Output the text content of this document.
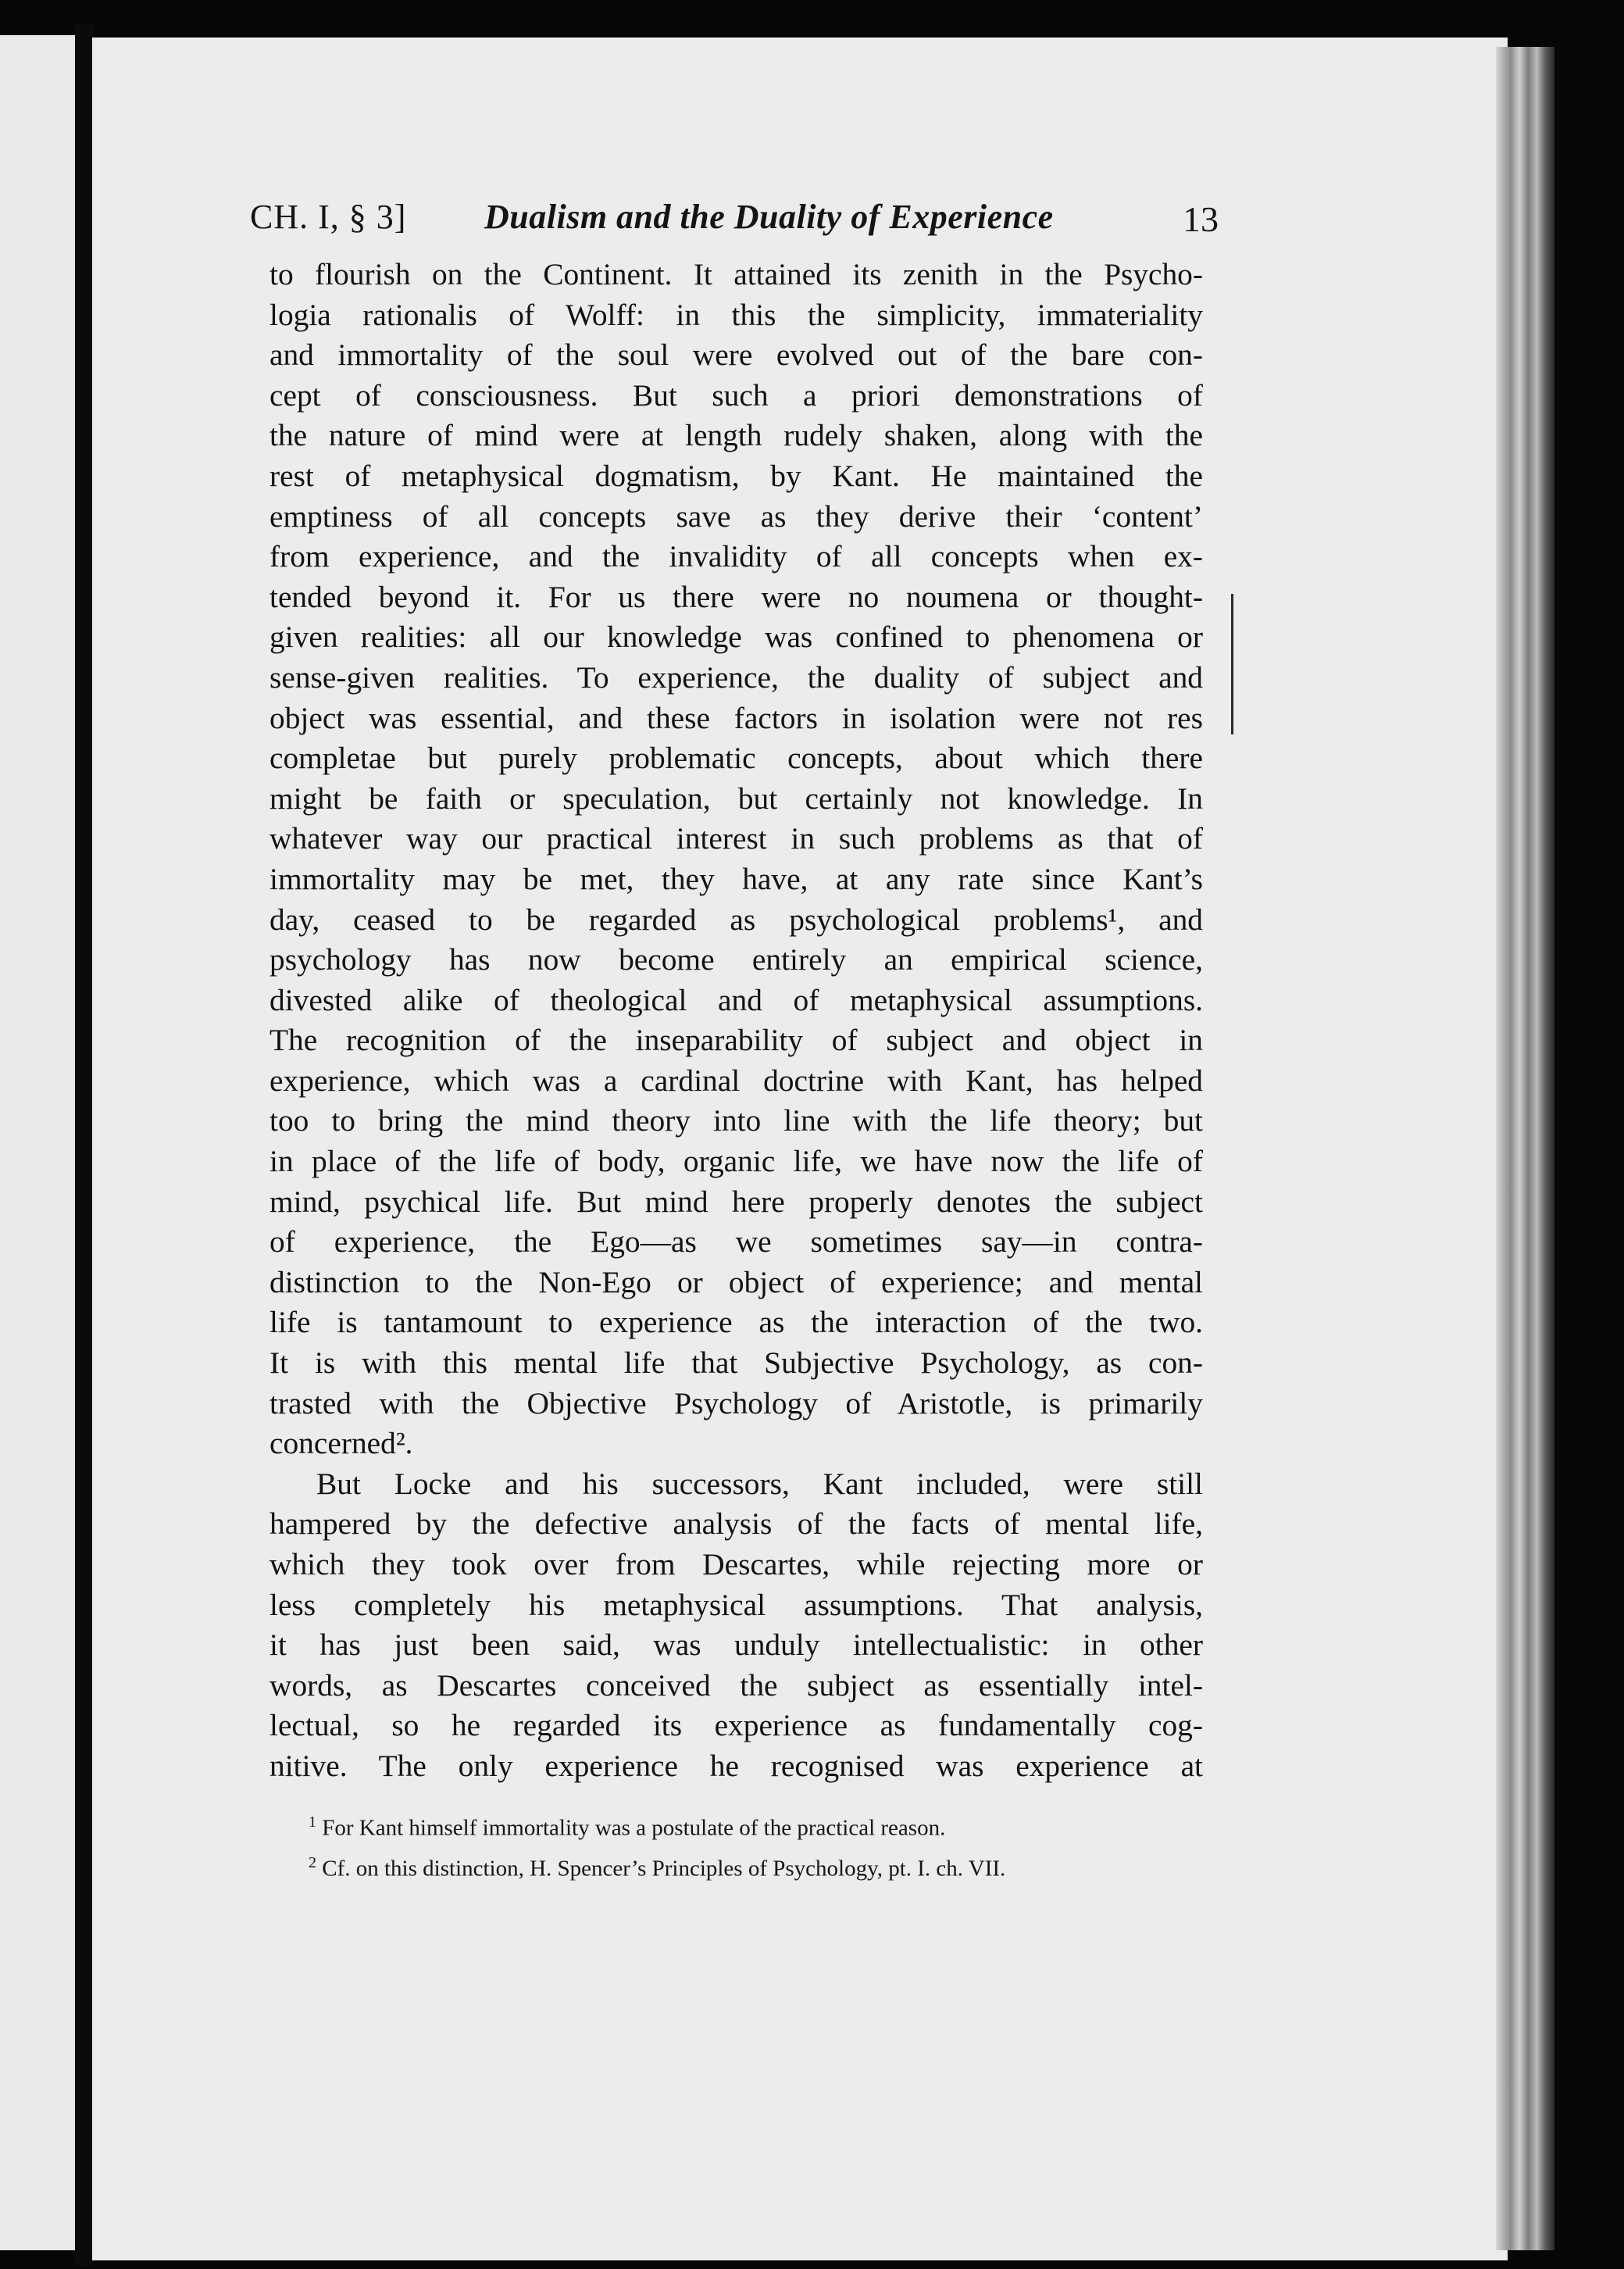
CH. I, § 3] Dualism and the Duality of Experience	13
to flourish on the Continent. It attained its zenith in the Psycho-
logia rationalis of Wolff: in this the simplicity, immateriality
and immortality of the soul were evolved out of the bare con-
cept of consciousness. But such a priori demonstrations of
the nature of mind were at length rudely shaken, along with the
rest of metaphysical dogmatism, by Kant. He maintained the
emptiness of all concepts save as they derive their ‘content’
from experience, and the invalidity of all concepts when ex-
tended beyond it. For us there were no noumena or thought-
given realities: all our knowledge was confined to phenomena or
sense-given realities. To experience, the duality of subject and
object was essential, and these factors in isolation were not res
completae but purely problematic concepts, about which there
might be faith or speculation, but certainly not knowledge. In
whatever way our practical interest in such problems as that of
immortality may be met, they have, at any rate since Kant’s
day, ceased to be regarded as psychological problems¹, and
psychology has now become entirely an empirical science,
divested alike of theological and of metaphysical assumptions.
The recognition of the inseparability of subject and object in
experience, which was a cardinal doctrine with Kant, has helped
too to bring the mind theory into line with the life theory; but
in place of the life of body, organic life, we have now the life of
mind, psychical life. But mind here properly denotes the subject
of experience, the Ego—as we sometimes say—in contra-
distinction to the Non-Ego or object of experience; and mental
life is tantamount to experience as the interaction of the two.
It is with this mental life that Subjective Psychology, as con-
trasted with the Objective Psychology of Aristotle, is primarily
concerned².
But Locke and his successors, Kant included, were still
hampered by the defective analysis of the facts of mental life,
which they took over from Descartes, while rejecting more or
less completely his metaphysical assumptions. That analysis,
it has just been said, was unduly intellectualistic: in other
words, as Descartes conceived the subject as essentially intel-
lectual, so he regarded its experience as fundamentally cog-
nitive. The only experience he recognised was experience at
$^1$ For Kant himself immortality was a postulate of the practical reason.
$^2$ Cf. on this distinction, H. Spencer’s Principles of Psychology, pt. I. ch. VII.
